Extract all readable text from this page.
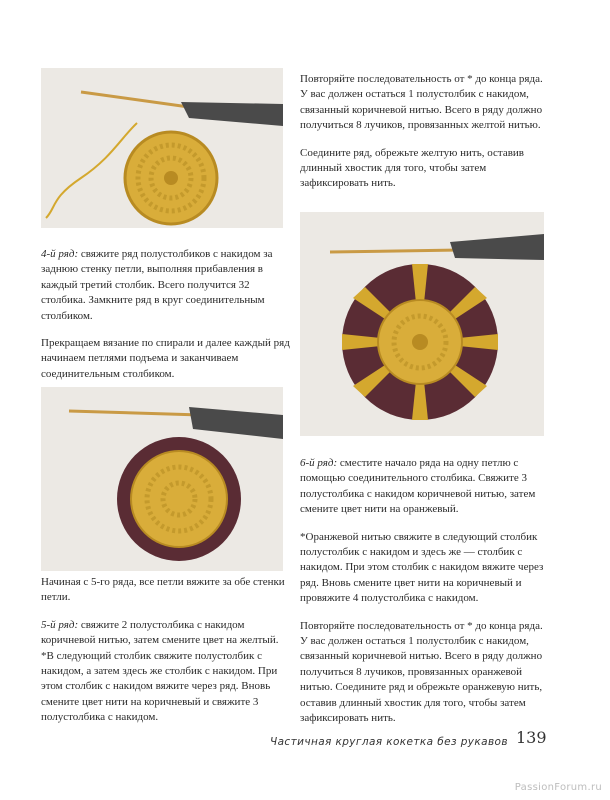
4-й ряд: свяжите ряд полустолбиков с накидом за заднюю стенку петли, выполняя прибавления в каждый третий столбик. Всего получится 32 столбика. Замкните ряд в круг соединительным столбиком.

Прекращаем вязание по спирали и далее каждый ряд начинаем петлями подъема и заканчиваем соединительным столбиком.

Повторяйте последовательность от * до конца ряда. У вас должен остаться 1 полустолбик с накидом, связанный коричневой нитью. Всего в ряду должно получиться 8 лучиков, провязанных желтой нитью.

Соедините ряд, обрежьте желтую нить, оставив длинный хвостик для того, чтобы затем зафиксировать нить.

6-й ряд: сместите начало ряда на одну петлю с помощью соединительного столбика. Свяжите 3 полустолбика с накидом коричневой нитью, затем смените цвет нити на оранжевый.

*Оранжевой нитью свяжите в следующий столбик полустолбик с накидом и здесь же — столбик с накидом. При этом столбик с накидом вяжите через ряд. Вновь смените цвет нити на коричневый и провяжите 4 полустолбика с накидом.

Повторяйте последовательность от * до конца ряда. У вас должен остаться 1 полустолбик с накидом, связанный коричневой нитью. Всего в ряду должно получиться 8 лучиков, провязанных оранжевой нитью. Соедините ряд и обрежьте оранжевую нить, оставив длинный хвостик для того, чтобы затем зафиксировать нить.

Начиная с 5-го ряда, все петли вяжите за обе стенки петли.

5-й ряд: свяжите 2 полустолбика с накидом коричневой нитью, затем смените цвет на желтый. *В следующий столбик свяжите полустолбик с накидом, а затем здесь же столбик с накидом. При этом столбик с накидом вяжите через ряд. Вновь смените цвет нити на коричневый и свяжите 3 полустолбика с накидом.

Частичная круглая кокетка без рукавов 139
PassionForum.ru
